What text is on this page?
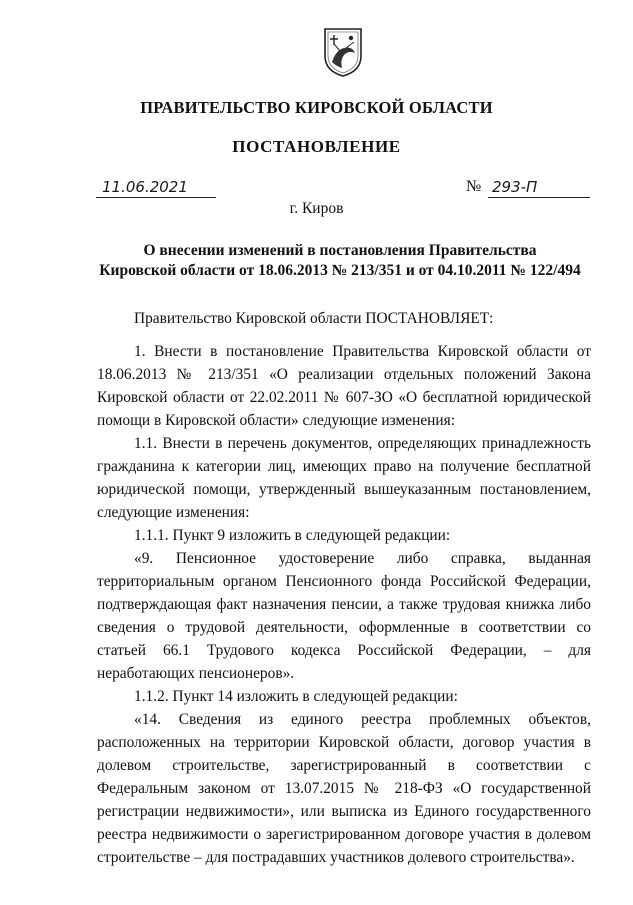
ПРАВИТЕЛЬСТВО КИРОВСКОЙ ОБЛАСТИ
ПОСТАНОВЛЕНИЕ
11.06.2021	№ 293-П
г. Киров
О внесении изменений в постановления Правительства
Кировской области от 18.06.2013 № 213/351 и от 04.10.2011 № 122/494

Правительство Кировской области ПОСТАНОВЛЯЕТ:

1. Внести в постановление Правительства Кировской области от 18.06.2013 № 213/351 «О реализации отдельных положений Закона Кировской области от 22.02.2011 № 607-ЗО «О бесплатной юридической помощи в Кировской области» следующие изменения:

1.1. Внести в перечень документов, определяющих принадлежность гражданина к категории лиц, имеющих право на получение бесплатной юридической помощи, утвержденный вышеуказанным постановлением, следующие изменения:

1.1.1. Пункт 9 изложить в следующей редакции:

«9. Пенсионное удостоверение либо справка, выданная территориальным органом Пенсионного фонда Российской Федерации, подтверждающая факт назначения пенсии, а также трудовая книжка либо сведения о трудовой деятельности, оформленные в соответствии со статьей 66.1 Трудового кодекса Российской Федерации, – для неработающих пенсионеров».

1.1.2. Пункт 14 изложить в следующей редакции:

«14. Сведения из единого реестра проблемных объектов, расположенных на территории Кировской области, договор участия в долевом строительстве, зарегистрированный в соответствии с Федеральным законом от 13.07.2015 № 218-ФЗ «О государственной регистрации недвижимости», или выписка из Единого государственного реестра недвижимости о зарегистрированном договоре участия в долевом строительстве – для пострадавших участников долевого строительства».
